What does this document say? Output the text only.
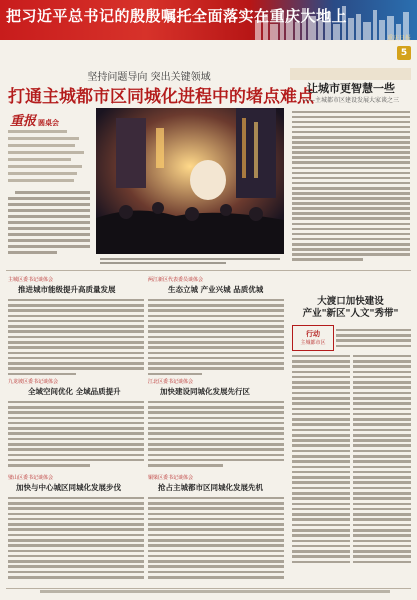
把习近平总书记的殷殷嘱托全面落实在重庆大地上
重庆日报
5
坚持问题导向 突出关键领域
打通主城都市区同城化进程中的堵点难点
重报 圆桌会
让城市更智慧一些
——主城都市区建设发展大家谈之三
主城区委书记谈体会
推进城市能级提升高质量发展
两江新区代表委员谈体会
生态立城 产业兴城 品质优城
九龙坡区委书记谈体会
全域空间优化 全域品质提升
江北区委书记谈体会
加快建设同城化发展先行区
璧山区委书记谈体会
加快与中心城区同城化发展步伐
铜梁区委书记谈体会
抢占主城都市区同城化发展先机
大渡口加快建设
产业"新区"人文"秀带"
行动
主城都市区
